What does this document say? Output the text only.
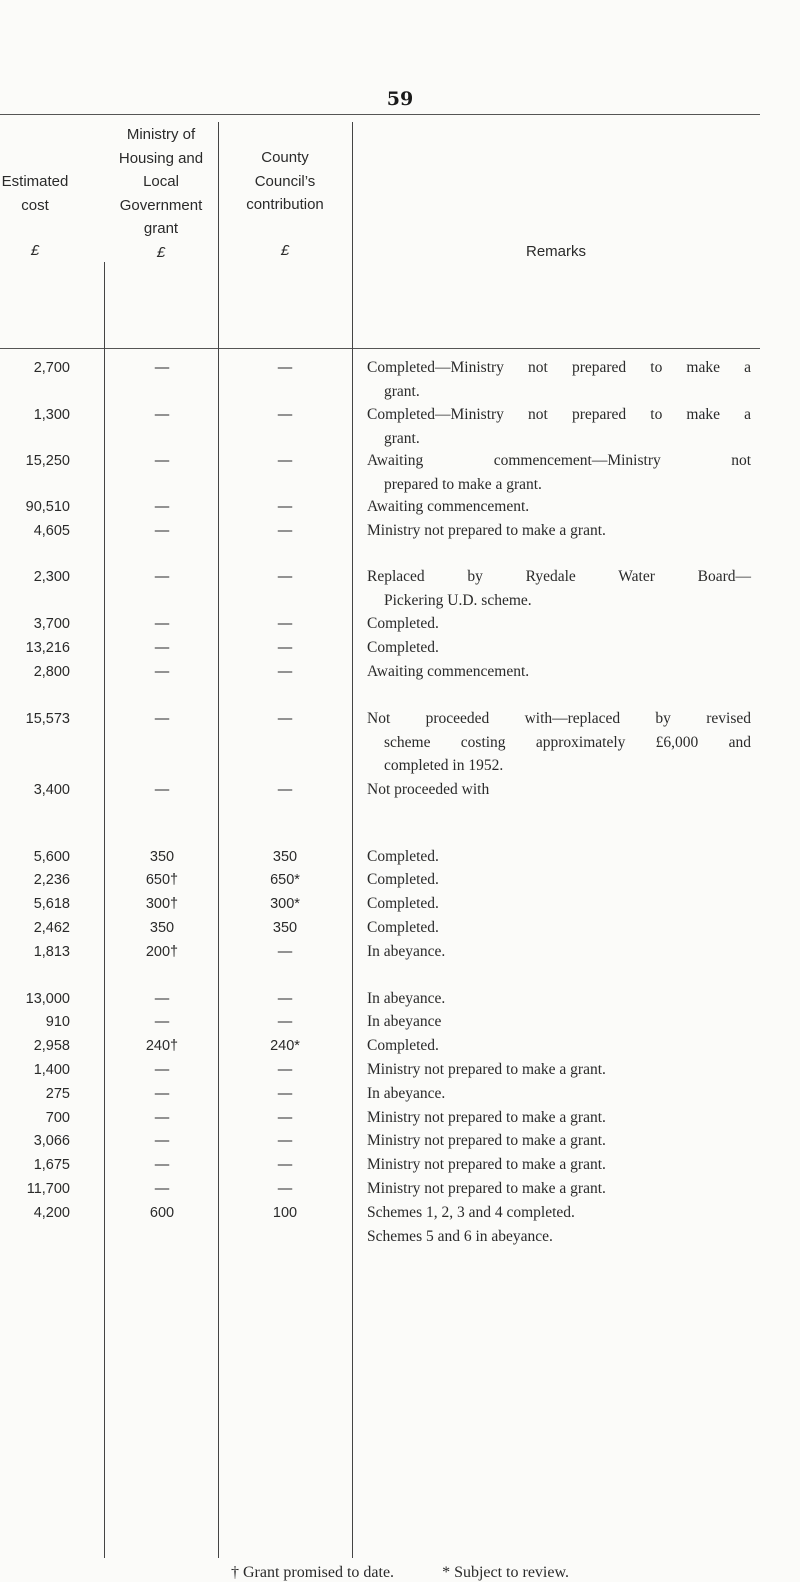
59
Estimated
cost
£
Ministry of
Housing and
Local
Government
grant
£
County
Council’s
contribution
£	Remarks
2,700	—	—	Completed—Ministry not prepared to make a
grant.
1,300	—	—	Completed—Ministry not prepared to make a
grant.
15,250	—	—	Awaiting commencement—Ministry not
prepared to make a grant.
90,510	—	—	Awaiting commencement.
4,605	—	—	Ministry not prepared to make a grant.
2,300	—	—	Replaced by Ryedale Water Board—
Pickering U.D. scheme.
3,700	—	—	Completed.
13,216	—	—	Completed.
2,800	—	—	Awaiting commencement.
15,573	—	—	Not proceeded with—replaced by revised
scheme costing approximately £6,000 and
completed in 1952.
3,400	—	—	Not proceeded with
5,600	350	350	Completed.
2,236	650†	650*	Completed.
5,618	300†	300*	Completed.
2,462	350	350	Completed.
1,813	200†	—	In abeyance.
13,000	—	—	In abeyance.
910	—	—	In abeyance
2,958	240†	240*	Completed.
1,400	—	—	Ministry not prepared to make a grant.
275	—	—	In abeyance.
700	—	—	Ministry not prepared to make a grant.
3,066	—	—	Ministry not prepared to make a grant.
1,675	—	—	Ministry not prepared to make a grant.
11,700	—	—	Ministry not prepared to make a grant.
4,200	600	100	Schemes 1, 2, 3 and 4 completed.
Schemes 5 and 6 in abeyance.
† Grant promised to date.	* Subject to review.
